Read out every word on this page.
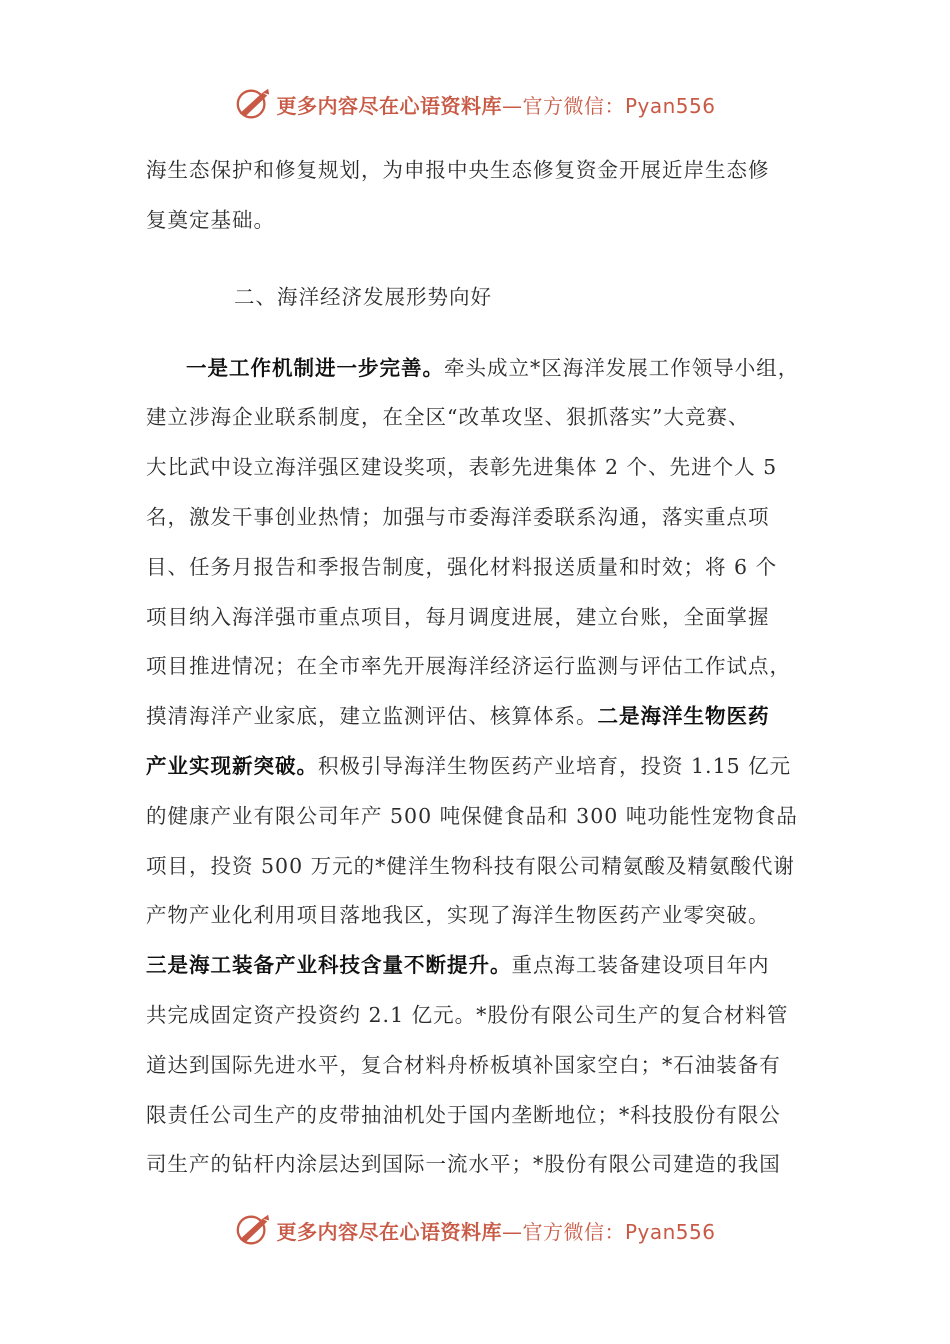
更多内容尽在心语资料库—官方微信：Pyan556
海生态保护和修复规划，为申报中央生态修复资金开展近岸生态修
复奠定基础。
二、海洋经济发展形势向好
一是工作机制进一步完善。牵头成立*区海洋发展工作领导小组，
建立涉海企业联系制度，在全区“改革攻坚、狠抓落实”大竞赛、
大比武中设立海洋强区建设奖项，表彰先进集体 2 个、先进个人 5
名，激发干事创业热情；加强与市委海洋委联系沟通，落实重点项
目、任务月报告和季报告制度，强化材料报送质量和时效；将 6 个
项目纳入海洋强市重点项目，每月调度进展，建立台账，全面掌握
项目推进情况；在全市率先开展海洋经济运行监测与评估工作试点，
摸清海洋产业家底，建立监测评估、核算体系。二是海洋生物医药
产业实现新突破。积极引导海洋生物医药产业培育，投资 1.15 亿元
的健康产业有限公司年产 500 吨保健食品和 300 吨功能性宠物食品
项目，投资 500 万元的*健洋生物科技有限公司精氨酸及精氨酸代谢
产物产业化利用项目落地我区，实现了海洋生物医药产业零突破。
三是海工装备产业科技含量不断提升。重点海工装备建设项目年内
共完成固定资产投资约 2.1 亿元。*股份有限公司生产的复合材料管
道达到国际先进水平，复合材料舟桥板填补国家空白；*石油装备有
限责任公司生产的皮带抽油机处于国内垄断地位；*科技股份有限公
司生产的钻杆内涂层达到国际一流水平；*股份有限公司建造的我国
更多内容尽在心语资料库—官方微信：Pyan556
